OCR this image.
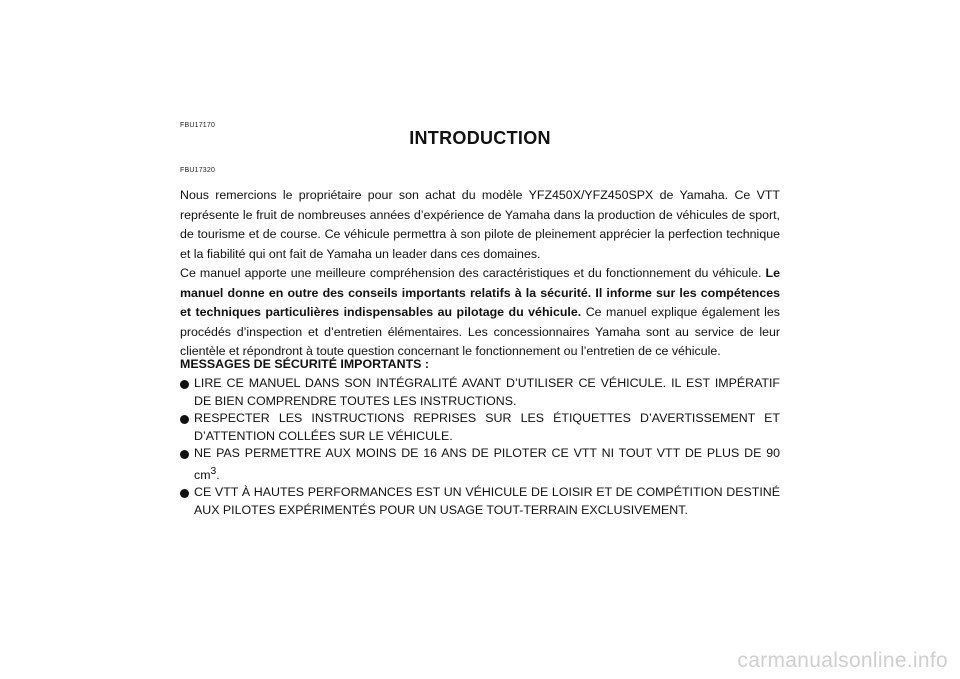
FBU17170
INTRODUCTION
FBU17320

Nous remercions le propriétaire pour son achat du modèle YFZ450X/YFZ450SPX de Yamaha. Ce VTT représente le fruit de nombreuses années d’expérience de Yamaha dans la production de véhicules de sport, de tourisme et de course. Ce véhicule permettra à son pilote de pleinement apprécier la perfection technique et la fiabilité qui ont fait de Yamaha un leader dans ces domaines.

Ce manuel apporte une meilleure compréhension des caractéristiques et du fonctionnement du véhicule. Le manuel donne en outre des conseils importants relatifs à la sécurité. Il informe sur les compétences et techniques particulières indispensables au pilotage du véhicule. Ce manuel explique également les procédés d’inspection et d’entretien élémentaires. Les concessionnaires Yamaha sont au service de leur clientèle et répondront à toute question concernant le fonctionnement ou l’entretien de ce véhicule.

MESSAGES DE SÉCURITÉ IMPORTANTS :
LIRE CE MANUEL DANS SON INTÉGRALITÉ AVANT D’UTILISER CE VÉHICULE. IL EST IMPÉRATIF DE BIEN COMPRENDRE TOUTES LES INSTRUCTIONS.
RESPECTER LES INSTRUCTIONS REPRISES SUR LES ÉTIQUETTES D’AVERTISSEMENT ET D’ATTENTION COLLÉES SUR LE VÉHICULE.
NE PAS PERMETTRE AUX MOINS DE 16 ANS DE PILOTER CE VTT NI TOUT VTT DE PLUS DE 90 $cm^3$.
CE VTT À HAUTES PERFORMANCES EST UN VÉHICULE DE LOISIR ET DE COMPÉTITION DESTINÉ AUX PILOTES EXPÉRIMENTÉS POUR UN USAGE TOUT-TERRAIN EXCLUSIVEMENT.
carmanualsonline.info
